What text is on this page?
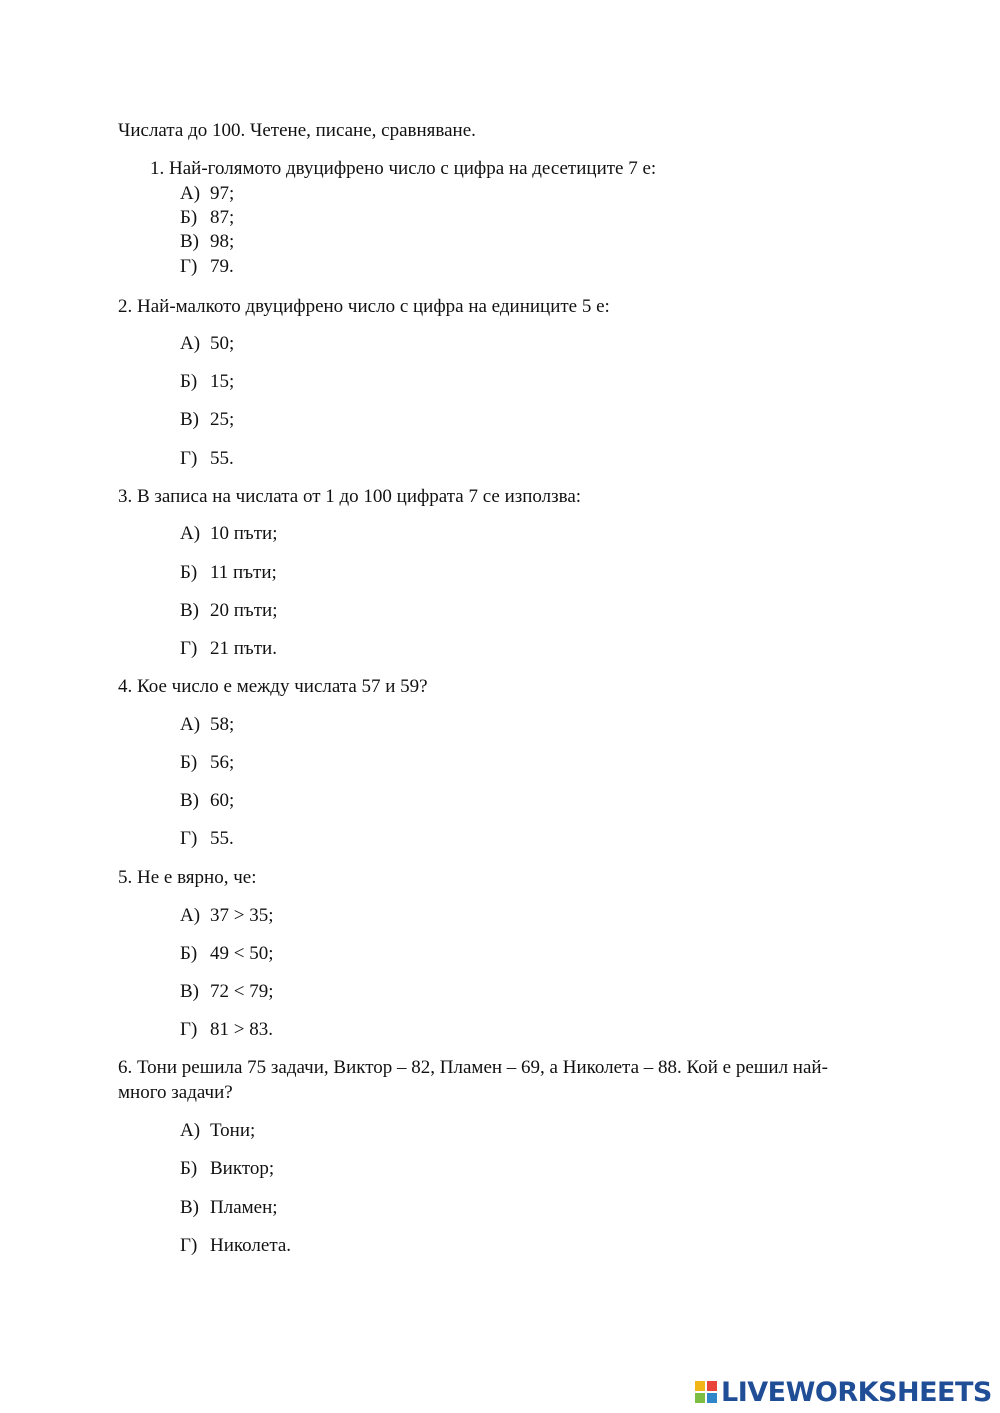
Числата до 100. Четене, писане, сравняване.
1. Най-голямото двуцифрено число с цифра на десетиците 7 е:
А) 97;
Б) 87;
В) 98;
Г) 79.
2. Най-малкото двуцифрено число с цифра на единиците 5 е:
А) 50;
Б) 15;
В) 25;
Г) 55.
3. В записа на числата от 1 до 100 цифрата 7 се използва:
А) 10 пъти;
Б) 11 пъти;
В) 20 пъти;
Г) 21 пъти.
4. Кое число е между числата 57 и 59?
А) 58;
Б) 56;
В) 60;
Г) 55.
5. Не е вярно, че:
А) 37 > 35;
Б) 49 < 50;
В) 72 < 79;
Г) 81 > 83.
6. Тони решила 75 задачи, Виктор – 82, Пламен – 69, а Николета – 88. Кой е решил най-
много задачи?
А) Тони;
Б) Виктор;
В) Пламен;
Г) Николета.
LIVEWORKSHEETS
